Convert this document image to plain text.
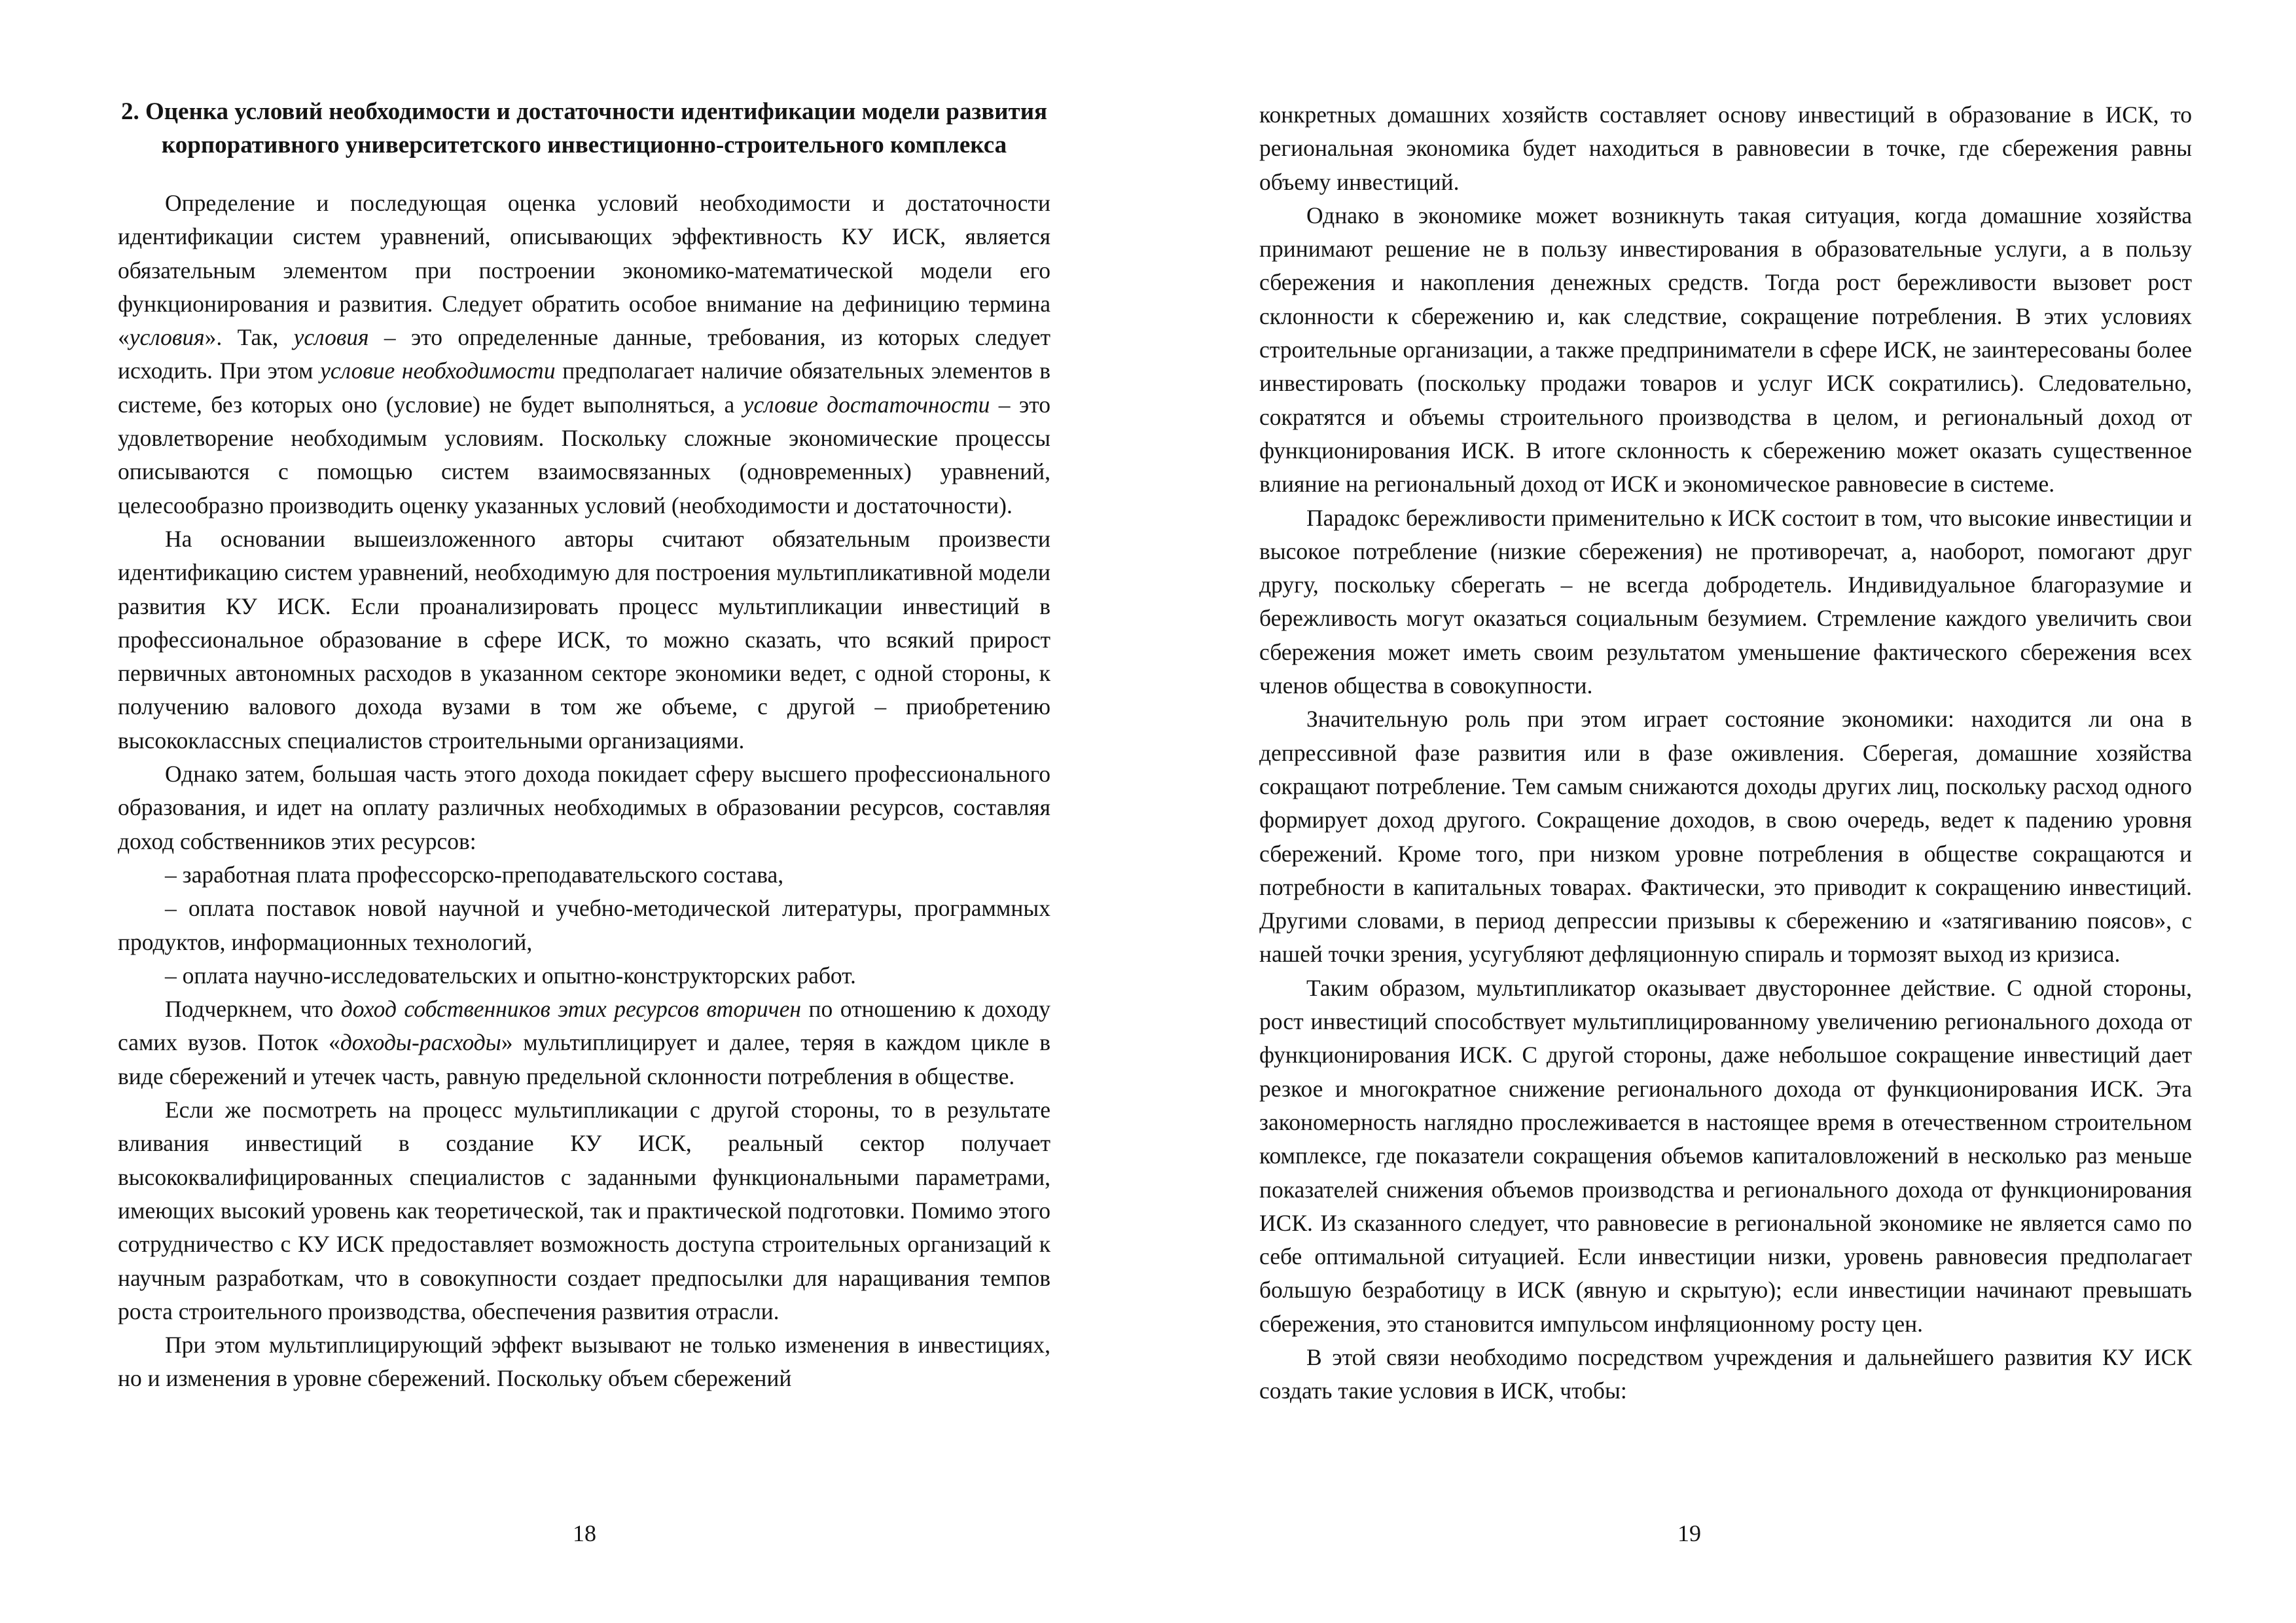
2. Оценка условий необходимости и достаточности идентификации модели развития корпоративного университетского инвестиционно-строительного комплекса

Определение и последующая оценка условий необходимости и достаточности идентификации систем уравнений, описывающих эффективность КУ ИСК, является обязательным элементом при построении экономико-математической модели его функционирования и развития. Следует обратить особое внимание на дефиницию термина «условия». Так, условия – это определенные данные, требования, из которых следует исходить. При этом условие необходимости предполагает наличие обязательных элементов в системе, без которых оно (условие) не будет выполняться, а условие достаточности – это удовлетворение необходимым условиям. Поскольку сложные экономические процессы описываются с помощью систем взаимосвязанных (одновременных) уравнений, целесообразно производить оценку указанных условий (необходимости и достаточности).

На основании вышеизложенного авторы считают обязательным произвести идентификацию систем уравнений, необходимую для построения мультипликативной модели развития КУ ИСК. Если проанализировать процесс мультипликации инвестиций в профессиональное образование в сфере ИСК, то можно сказать, что всякий прирост первичных автономных расходов в указанном секторе экономики ведет, с одной стороны, к получению валового дохода вузами в том же объеме, с другой – приобретению высококлассных специалистов строительными организациями.

Однако затем, большая часть этого дохода покидает сферу высшего профессионального образования, и идет на оплату различных необходимых в образовании ресурсов, составляя доход собственников этих ресурсов:

– заработная плата профессорско-преподавательского состава,

– оплата поставок новой научной и учебно-методической литературы, программных продуктов, информационных технологий,

– оплата научно-исследовательских и опытно-конструкторских работ.

Подчеркнем, что доход собственников этих ресурсов вторичен по отношению к доходу самих вузов. Поток «доходы-расходы» мультиплицирует и далее, теряя в каждом цикле в виде сбережений и утечек часть, равную предельной склонности потребления в обществе.

Если же посмотреть на процесс мультипликации с другой стороны, то в результате вливания инвестиций в создание КУ ИСК, реальный сектор получает высококвалифицированных специалистов с заданными функциональными параметрами, имеющих высокий уровень как теоретической, так и практической подготовки. Помимо этого сотрудничество с КУ ИСК предоставляет возможность доступа строительных организаций к научным разработкам, что в совокупности создает предпосылки для наращивания темпов роста строительного производства, обеспечения развития отрасли.

При этом мультиплицирующий эффект вызывают не только изменения в инвестициях, но и изменения в уровне сбережений. Поскольку объем сбережений

18

конкретных домашних хозяйств составляет основу инвестиций в образование в ИСК, то региональная экономика будет находиться в равновесии в точке, где сбережения равны объему инвестиций.

Однако в экономике может возникнуть такая ситуация, когда домашние хозяйства принимают решение не в пользу инвестирования в образовательные услуги, а в пользу сбережения и накопления денежных средств. Тогда рост бережливости вызовет рост склонности к сбережению и, как следствие, сокращение потребления. В этих условиях строительные организации, а также предприниматели в сфере ИСК, не заинтересованы более инвестировать (поскольку продажи товаров и услуг ИСК сократились). Следовательно, сократятся и объемы строительного производства в целом, и региональный доход от функционирования ИСК. В итоге склонность к сбережению может оказать существенное влияние на региональный доход от ИСК и экономическое равновесие в системе.

Парадокс бережливости применительно к ИСК состоит в том, что высокие инвестиции и высокое потребление (низкие сбережения) не противоречат, а, наоборот, помогают друг другу, поскольку сберегать – не всегда добродетель. Индивидуальное благоразумие и бережливость могут оказаться социальным безумием. Стремление каждого увеличить свои сбережения может иметь своим результатом уменьшение фактического сбережения всех членов общества в совокупности.

Значительную роль при этом играет состояние экономики: находится ли она в депрессивной фазе развития или в фазе оживления. Сберегая, домашние хозяйства сокращают потребление. Тем самым снижаются доходы других лиц, поскольку расход одного формирует доход другого. Сокращение доходов, в свою очередь, ведет к падению уровня сбережений. Кроме того, при низком уровне потребления в обществе сокращаются и потребности в капитальных товарах. Фактически, это приводит к сокращению инвестиций. Другими словами, в период депрессии призывы к сбережению и «затягиванию поясов», с нашей точки зрения, усугубляют дефляционную спираль и тормозят выход из кризиса.

Таким образом, мультипликатор оказывает двустороннее действие. С одной стороны, рост инвестиций способствует мультиплицированному увеличению регионального дохода от функционирования ИСК. С другой стороны, даже небольшое сокращение инвестиций дает резкое и многократное снижение регионального дохода от функционирования ИСК. Эта закономерность наглядно прослеживается в настоящее время в отечественном строительном комплексе, где показатели сокращения объемов капиталовложений в несколько раз меньше показателей снижения объемов производства и регионального дохода от функционирования ИСК. Из сказанного следует, что равновесие в региональной экономике не является само по себе оптимальной ситуацией. Если инвестиции низки, уровень равновесия предполагает большую безработицу в ИСК (явную и скрытую); если инвестиции начинают превышать сбережения, это становится импульсом инфляционному росту цен.

В этой связи необходимо посредством учреждения и дальнейшего развития КУ ИСК создать такие условия в ИСК, чтобы:

19
